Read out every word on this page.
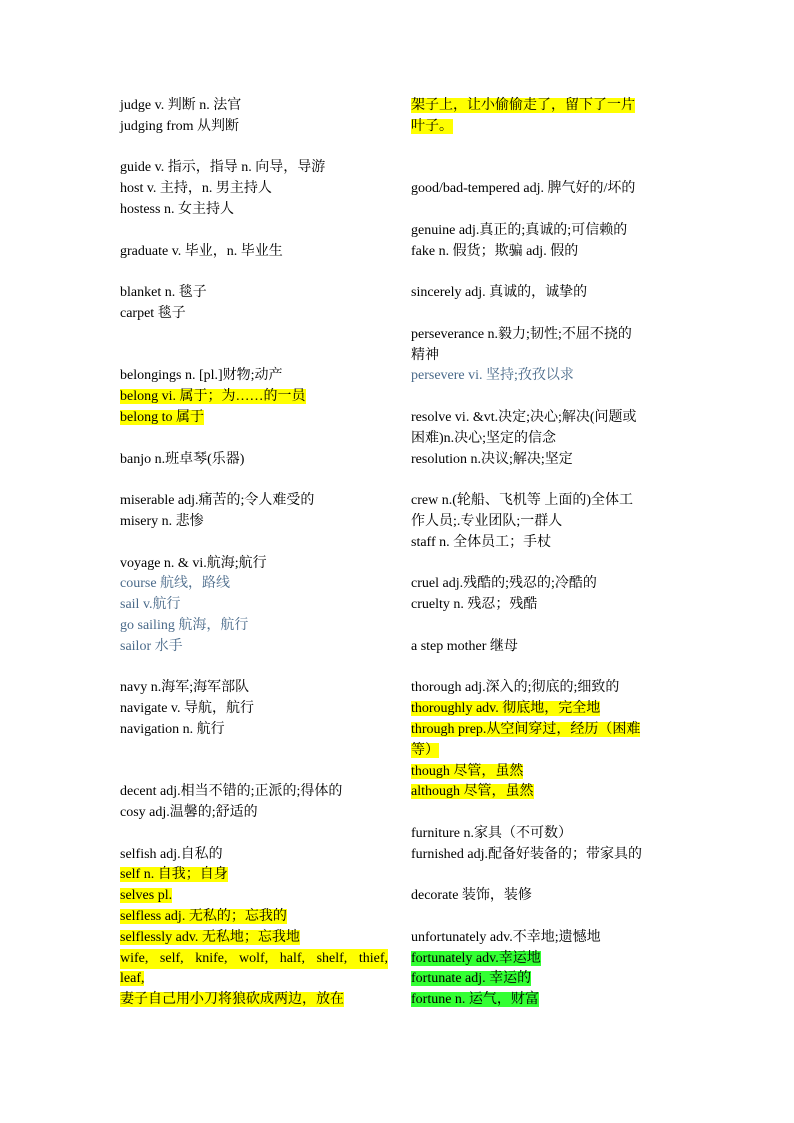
judge v. 判断 n. 法官
judging from 从判断
guide v. 指示，指导 n. 向导，导游
host v. 主持，n. 男主持人
hostess n. 女主持人
graduate v. 毕业，n. 毕业生
blanket n. 毯子
carpet 毯子
belongings n. [pl.]财物;动产
belong vi. 属于；为……的一员
belong to 属于
banjo n.班卓琴(乐器)
miserable adj.痛苦的;令人难受的
misery n. 悲惨
voyage n. & vi.航海;航行
course 航线，路线
sail v.航行
go sailing 航海，航行
sailor 水手
navy n.海军;海军部队
navigate v. 导航，航行
navigation n. 航行
decent adj.相当不错的;正派的;得体的
cosy adj.温馨的;舒适的
selfish adj.自私的
self n. 自我；自身
selves pl.
selfless adj. 无私的；忘我的
selflessly adv. 无私地；忘我地
wife, self, knife, wolf, half, shelf, thief,
leaf,
妻子自己用小刀将狼砍成两边，放在
架子上，让小偷偷走了，留下了一片
叶子。
good/bad-tempered adj. 脾气好的/坏的
genuine adj.真正的;真诚的;可信赖的
fake n. 假货；欺骗 adj. 假的
sincerely adj. 真诚的，诚挚的
perseverance n.毅力;韧性;不屈不挠的
精神
persevere vi. 坚持;孜孜以求
resolve vi. &vt.决定;决心;解决(问题或
困难)n.决心;坚定的信念
resolution n.决议;解决;坚定
crew n.(轮船、飞机等 上面的)全体工
作人员;.专业团队;一群人
staff n. 全体员工；手杖
cruel adj.残酷的;残忍的;冷酷的
cruelty n. 残忍；残酷
a step mother 继母
thorough adj.深入的;彻底的;细致的
thoroughly adv. 彻底地，完全地
through prep.从空间穿过，经历（困难
等）
though 尽管，虽然
although 尽管，虽然
furniture n.家具（不可数）
furnished adj.配备好装备的；带家具的
decorate 装饰，装修
unfortunately adv.不幸地;遗憾地
fortunately adv.幸运地
fortunate adj. 幸运的
fortune n. 运气，财富
